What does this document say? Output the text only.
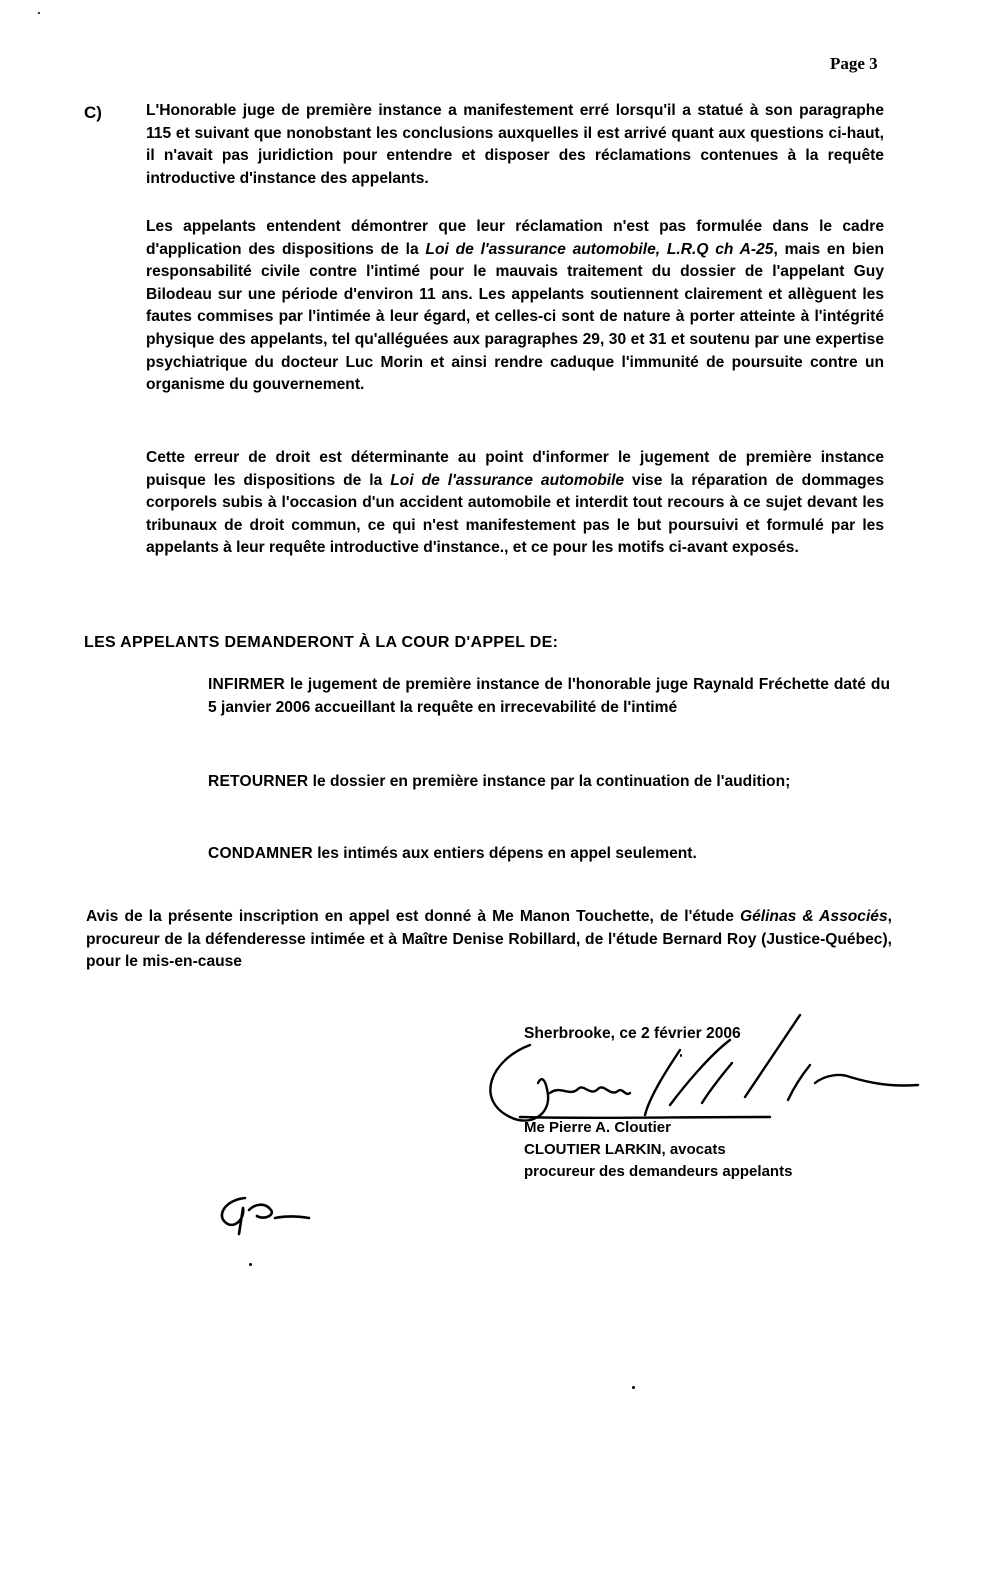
Page 3
C)	L'Honorable juge de première instance a manifestement erré lorsqu'il a statué à son paragraphe 115 et suivant que nonobstant les conclusions auxquelles il est arrivé quant aux questions ci-haut, il n'avait pas juridiction pour entendre et disposer des réclamations contenues à la requête introductive d'instance des appelants.

Les appelants entendent démontrer que leur réclamation n'est pas formulée dans le cadre d'application des dispositions de la Loi de l'assurance automobile, L.R.Q ch A-25, mais en bien responsabilité civile contre l'intimé pour le mauvais traitement du dossier de l'appelant Guy Bilodeau sur une période d'environ 11 ans. Les appelants soutiennent clairement et allèguent les fautes commises par l'intimée à leur égard, et celles-ci sont de nature à porter atteinte à l'intégrité physique des appelants, tel qu'alléguées aux paragraphes 29, 30 et 31 et soutenu par une expertise psychiatrique du docteur Luc Morin et ainsi rendre caduque l'immunité de poursuite contre un organisme du gouvernement.

Cette erreur de droit est déterminante au point d'informer le jugement de première instance puisque les dispositions de la Loi de l'assurance automobile vise la réparation de dommages corporels subis à l'occasion d'un accident automobile et interdit tout recours à ce sujet devant les tribunaux de droit commun, ce qui n'est manifestement pas le but poursuivi et formulé par les appelants à leur requête introductive d'instance., et ce pour les motifs ci-avant exposés.

LES APPELANTS DEMANDERONT À LA COUR D'APPEL DE:

INFIRMER le jugement de première instance de l'honorable juge Raynald Fréchette daté du 5 janvier 2006 accueillant la requête en irrecevabilité de l'intimé

RETOURNER le dossier en première instance par la continuation de l'audition;

CONDAMNER les intimés aux entiers dépens en appel seulement.

Avis de la présente inscription en appel est donné à Me Manon Touchette, de l'étude Gélinas & Associés, procureur de la défenderesse intimée et à Maître Denise Robillard, de l'étude Bernard Roy (Justice-Québec), pour le mis-en-cause

Sherbrooke, ce 2 février 2006
Me Pierre A. Cloutier
CLOUTIER LARKIN, avocats
procureur des demandeurs appelants
